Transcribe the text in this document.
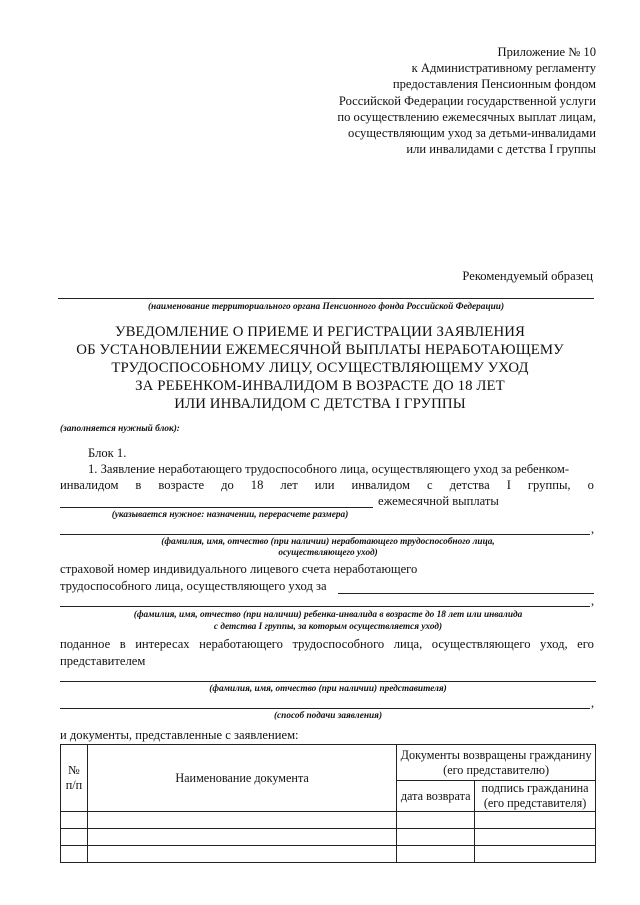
Приложение № 10
к Административному регламенту
предоставления Пенсионным фондом
Российской Федерации государственной услуги
по осуществлению ежемесячных выплат лицам,
осуществляющим уход за детьми-инвалидами
или инвалидами с детства I группы
Рекомендуемый образец
(наименование территориального органа Пенсионного фонда Российской Федерации)
УВЕДОМЛЕНИЕ О ПРИЕМЕ И РЕГИСТРАЦИИ ЗАЯВЛЕНИЯ
ОБ УСТАНОВЛЕНИИ ЕЖЕМЕСЯЧНОЙ ВЫПЛАТЫ НЕРАБОТАЮЩЕМУ
ТРУДОСПОСОБНОМУ ЛИЦУ, ОСУЩЕСТВЛЯЮЩЕМУ УХОД
ЗА РЕБЕНКОМ-ИНВАЛИДОМ В ВОЗРАСТЕ ДО 18 ЛЕТ
ИЛИ ИНВАЛИДОМ С ДЕТСТВА I ГРУППЫ
(заполняется нужный блок):
Блок 1.
1. Заявление неработающего трудоспособного лица, осуществляющего уход за ребенком-
инвалидом в возрасте до 18 лет или инвалидом с детства I группы, о
ежемесячной выплаты
(указывается нужное: назначении, перерасчете размера)
,
(фамилия, имя, отчество (при наличии) неработающего трудоспособного лица,
осуществляющего уход)
страховой номер индивидуального лицевого счета неработающего
трудоспособного лица, осуществляющего уход за
,
(фамилия, имя, отчество (при наличии) ребенка-инвалида в возрасте до 18 лет или инвалида
с детства I группы, за которым осуществляется уход)
поданное в интересах неработающего трудоспособного лица, осуществляющего уход, его
представителем
(фамилия, имя, отчество (при наличии) представителя)
,
(способ подачи заявления)
и документы, представленные с заявлением:
№
п/п	Наименование документа	Документы возвращены гражданину (его представителю)	
		дата возврата	подпись гражданина (его представителя)
